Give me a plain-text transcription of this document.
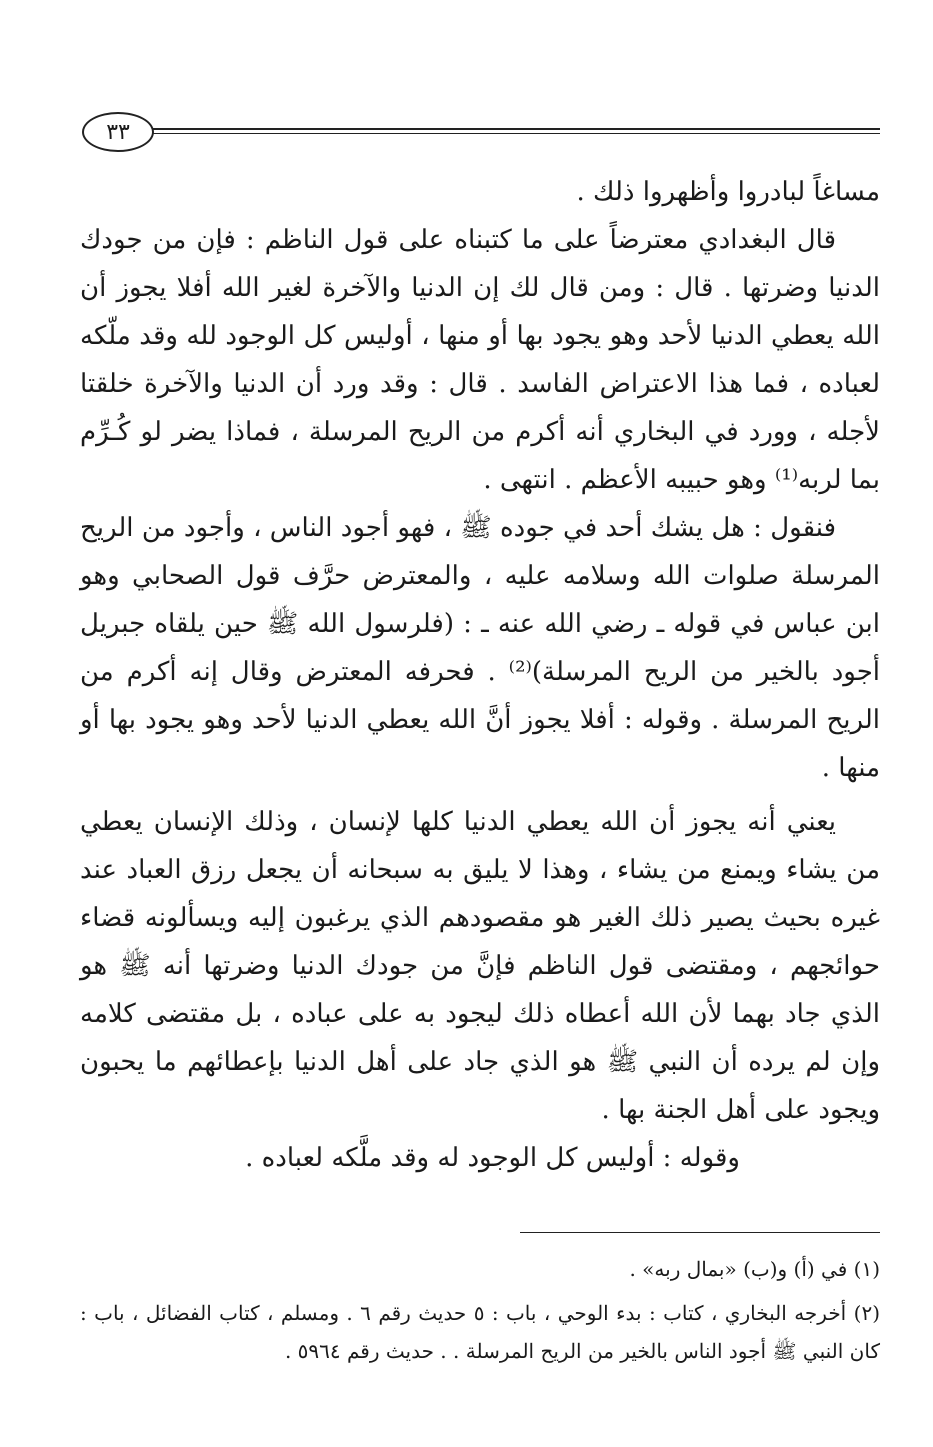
٣٣

مساغاً لبادروا وأظهروا ذلك .

قال البغدادي معترضاً على ما كتبناه على قول الناظم : فإن من جودك الدنيا وضرتها . قال : ومن قال لك إن الدنيا والآخرة لغير الله أفلا يجوز أن الله يعطي الدنيا لأحد وهو يجود بها أو منها ، أوليس كل الوجود لله وقد ملّكه لعباده ، فما هذا الاعتراض الفاسد . قال : وقد ورد أن الدنيا والآخرة خلقتا لأجله ، وورد في البخاري أنه أكرم من الريح المرسلة ، فماذا يضر لو كُـرِّم بما لربه⁽¹⁾ وهو حبيبه الأعظم . انتهى .

فنقول : هل يشك أحد في جوده ﷺ ، فهو أجود الناس ، وأجود من الريح المرسلة صلوات الله وسلامه عليه ، والمعترض حرَّف قول الصحابي وهو ابن عباس في قوله ـ رضي الله عنه ـ : (فلرسول الله ﷺ حين يلقاه جبريل أجود بالخير من الريح المرسلة)⁽²⁾ . فحرفه المعترض وقال إنه أكرم من الريح المرسلة . وقوله : أفلا يجوز أنَّ الله يعطي الدنيا لأحد وهو يجود بها أو منها .

يعني أنه يجوز أن الله يعطي الدنيا كلها لإنسان ، وذلك الإنسان يعطي من يشاء ويمنع من يشاء ، وهذا لا يليق به سبحانه أن يجعل رزق العباد عند غيره بحيث يصير ذلك الغير هو مقصودهم الذي يرغبون إليه ويسألونه قضاء حوائجهم ، ومقتضى قول الناظم فإنَّ من جودك الدنيا وضرتها أنه ﷺ هو الذي جاد بهما لأن الله أعطاه ذلك ليجود به على عباده ، بل مقتضى كلامه وإن لم يرده أن النبي ﷺ هو الذي جاد على أهل الدنيا بإعطائهم ما يحبون ويجود على أهل الجنة بها .

وقوله : أوليس كل الوجود له وقد ملَّكه لعباده .

(١) في (أ) و(ب) «بمال ربه» .

(٢) أخرجه البخاري ، كتاب : بدء الوحي ، باب : ٥ حديث رقم ٦ . ومسلم ، كتاب الفضائل ، باب : كان النبي ﷺ أجود الناس بالخير من الريح المرسلة . . حديث رقم ٥٩٦٤ .
